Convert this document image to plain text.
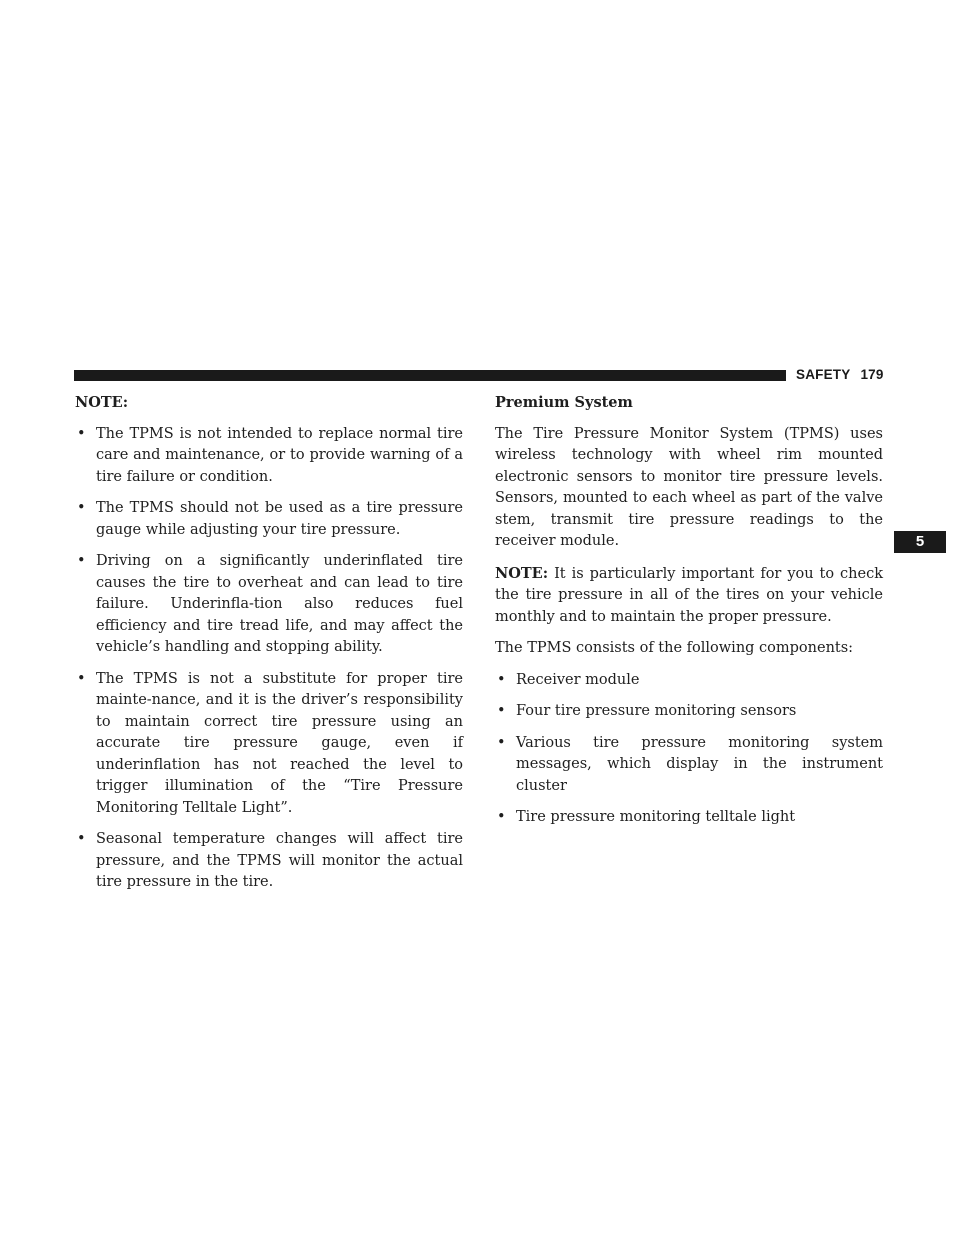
SAFETY 179
5
NOTE:
• The TPMS is not intended to replace normal tire care and maintenance, or to provide warning of a tire failure or condition.
• The TPMS should not be used as a tire pressure gauge while adjusting your tire pressure.
• Driving on a significantly underinflated tire causes the tire to overheat and can lead to tire failure. Underinfla-tion also reduces fuel efficiency and tire tread life, and may affect the vehicle’s handling and stopping ability.
• The TPMS is not a substitute for proper tire mainte-nance, and it is the driver’s responsibility to maintain correct tire pressure using an accurate tire pressure gauge, even if underinflation has not reached the level to trigger illumination of the “Tire Pressure Monitoring Telltale Light”.
• Seasonal temperature changes will affect tire pressure, and the TPMS will monitor the actual tire pressure in the tire.
Premium System

The Tire Pressure Monitor System (TPMS) uses wireless technology with wheel rim mounted electronic sensors to monitor tire pressure levels. Sensors, mounted to each wheel as part of the valve stem, transmit tire pressure readings to the receiver module.

NOTE: It is particularly important for you to check the tire pressure in all of the tires on your vehicle monthly and to maintain the proper pressure.

The TPMS consists of the following components:

• Receiver module
• Four tire pressure monitoring sensors
• Various tire pressure monitoring system messages, which display in the instrument cluster
• Tire pressure monitoring telltale light
